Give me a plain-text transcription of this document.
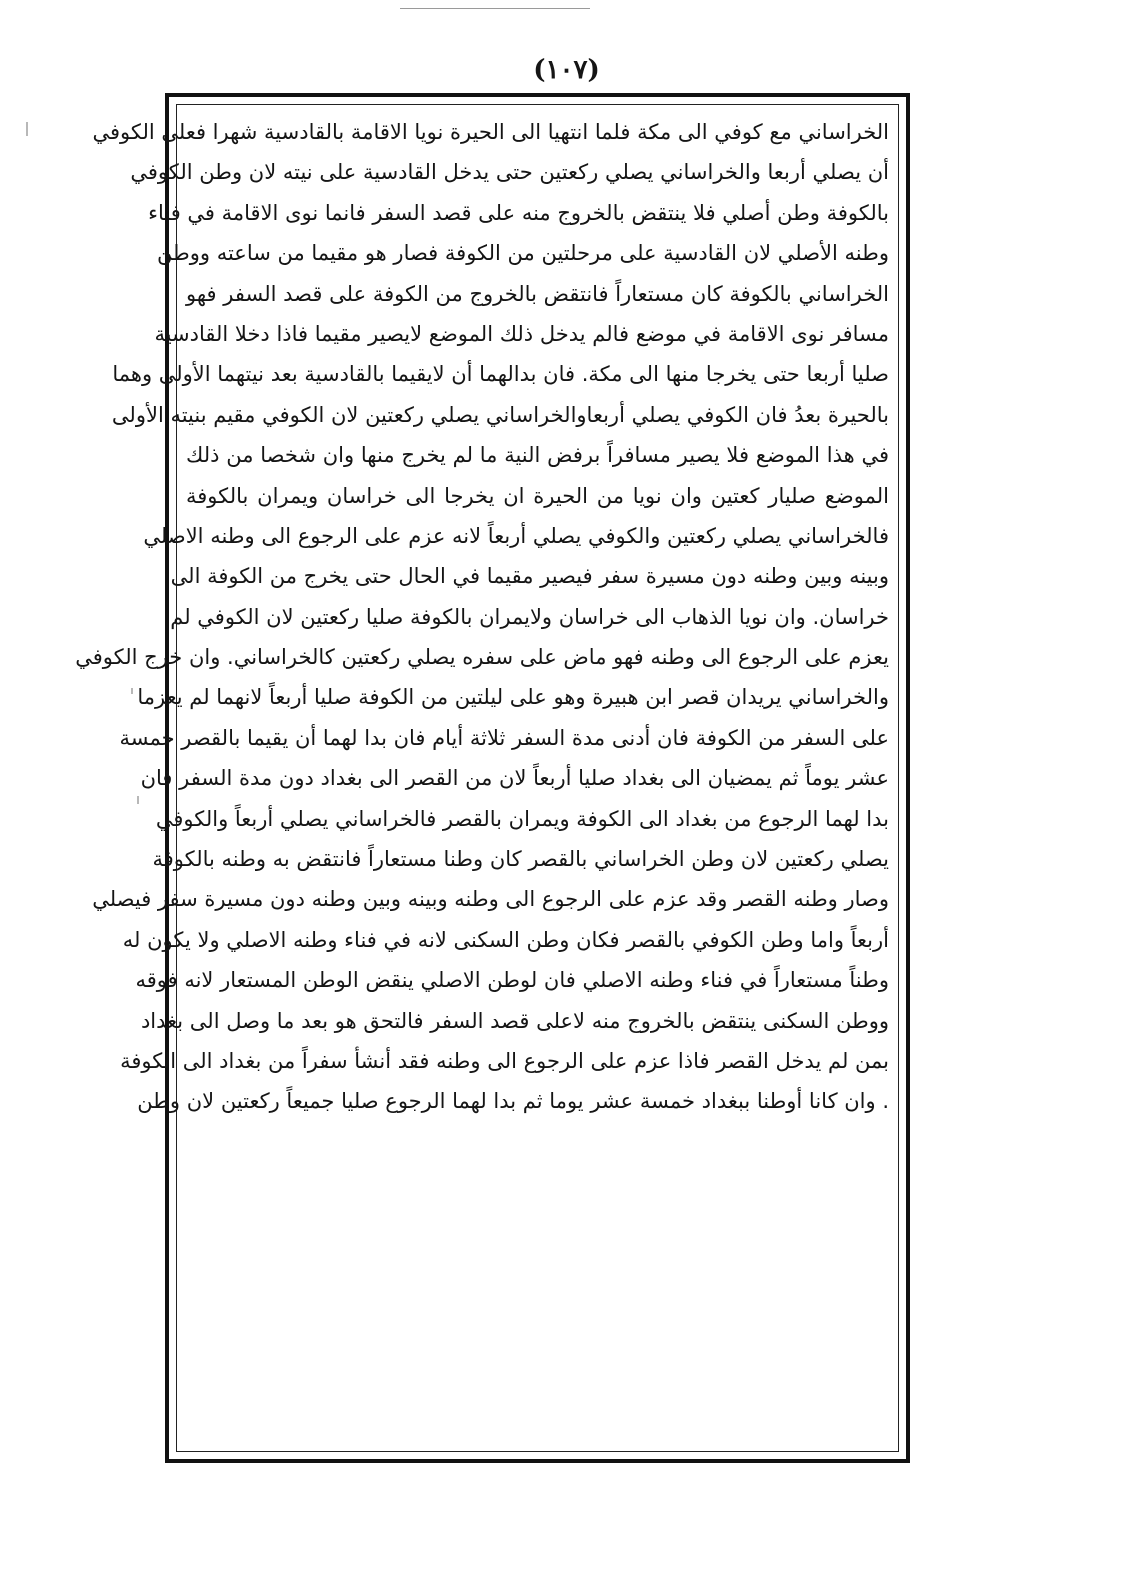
(١٠٧)
الخراساني مع كوفي الى مكة فلما انتهيا الى الحيرة نويا الاقامة بالقادسية شهرا فعلى الكوفي
أن يصلي أربعا والخراساني يصلي ركعتين حتى يدخل القادسية على نيته لان وطن الكوفي
بالكوفة وطن أصلي فلا ينتقض بالخروج منه على قصد السفر فانما نوى الاقامة في فناء
وطنه الأصلي لان القادسية على مرحلتين من الكوفة فصار هو مقيما من ساعته ووطن
الخراساني بالكوفة كان مستعاراً فانتقض بالخروج من الكوفة على قصد السفر فهو
مسافر نوى الاقامة في موضع فالم يدخل ذلك الموضع لايصير مقيما فاذا دخلا القادسية
صليا أربعا حتى يخرجا منها الى مكة. فان بدالهما أن لايقيما بالقادسية بعد نيتهما الأولى وهما
بالحيرة بعدُ فان الكوفي يصلي أربعاوالخراساني يصلي ركعتين لان الكوفي مقيم بنيته الأولى
في هذا الموضع فلا يصير مسافراً برفض النية ما لم يخرج منها وان شخصا من ذلك
الموضع صليار كعتين وان نويا من الحيرة ان يخرجا الى خراسان ويمران بالكوفة
فالخراساني يصلي ركعتين والكوفي يصلي أربعاً لانه عزم على الرجوع الى وطنه الاصلي
وبينه وبين وطنه دون مسيرة سفر فيصير مقيما في الحال حتى يخرج من الكوفة الى
خراسان. وان نويا الذهاب الى خراسان ولايمران بالكوفة صليا ركعتين لان الكوفي لم
يعزم على الرجوع الى وطنه فهو ماض على سفره يصلي ركعتين كالخراساني. وان خرج الكوفي
والخراساني يريدان قصر ابن هبيرة وهو على ليلتين من الكوفة صليا أربعاً لانهما لم يعزما
على السفر من الكوفة فان أدنى مدة السفر ثلاثة أيام فان بدا لهما أن يقيما بالقصر خمسة
عشر يوماً ثم يمضيان الى بغداد صليا أربعاً لان من القصر الى بغداد دون مدة السفر فان
بدا لهما الرجوع من بغداد الى الكوفة ويمران بالقصر فالخراساني يصلي أربعاً والكوفي
يصلي ركعتين لان وطن الخراساني بالقصر كان وطنا مستعاراً فانتقض به وطنه بالكوفة
وصار وطنه القصر وقد عزم على الرجوع الى وطنه وبينه وبين وطنه دون مسيرة سفر فيصلي
أربعاً واما وطن الكوفي بالقصر فكان وطن السكنى لانه في فناء وطنه الاصلي ولا يكون له
وطناً مستعاراً في فناء وطنه الاصلي فان لوطن الاصلي ينقض الوطن المستعار لانه فوقه
ووطن السكنى ينتقض بالخروج منه لاعلى قصد السفر فالتحق هو بعد ما وصل الى بغداد
بمن لم يدخل القصر فاذا عزم على الرجوع الى وطنه فقد أنشأ سفراً من بغداد الى الكوفة
. وان كانا أوطنا ببغداد خمسة عشر يوما ثم بدا لهما الرجوع صليا جميعاً ركعتين لان وطن
